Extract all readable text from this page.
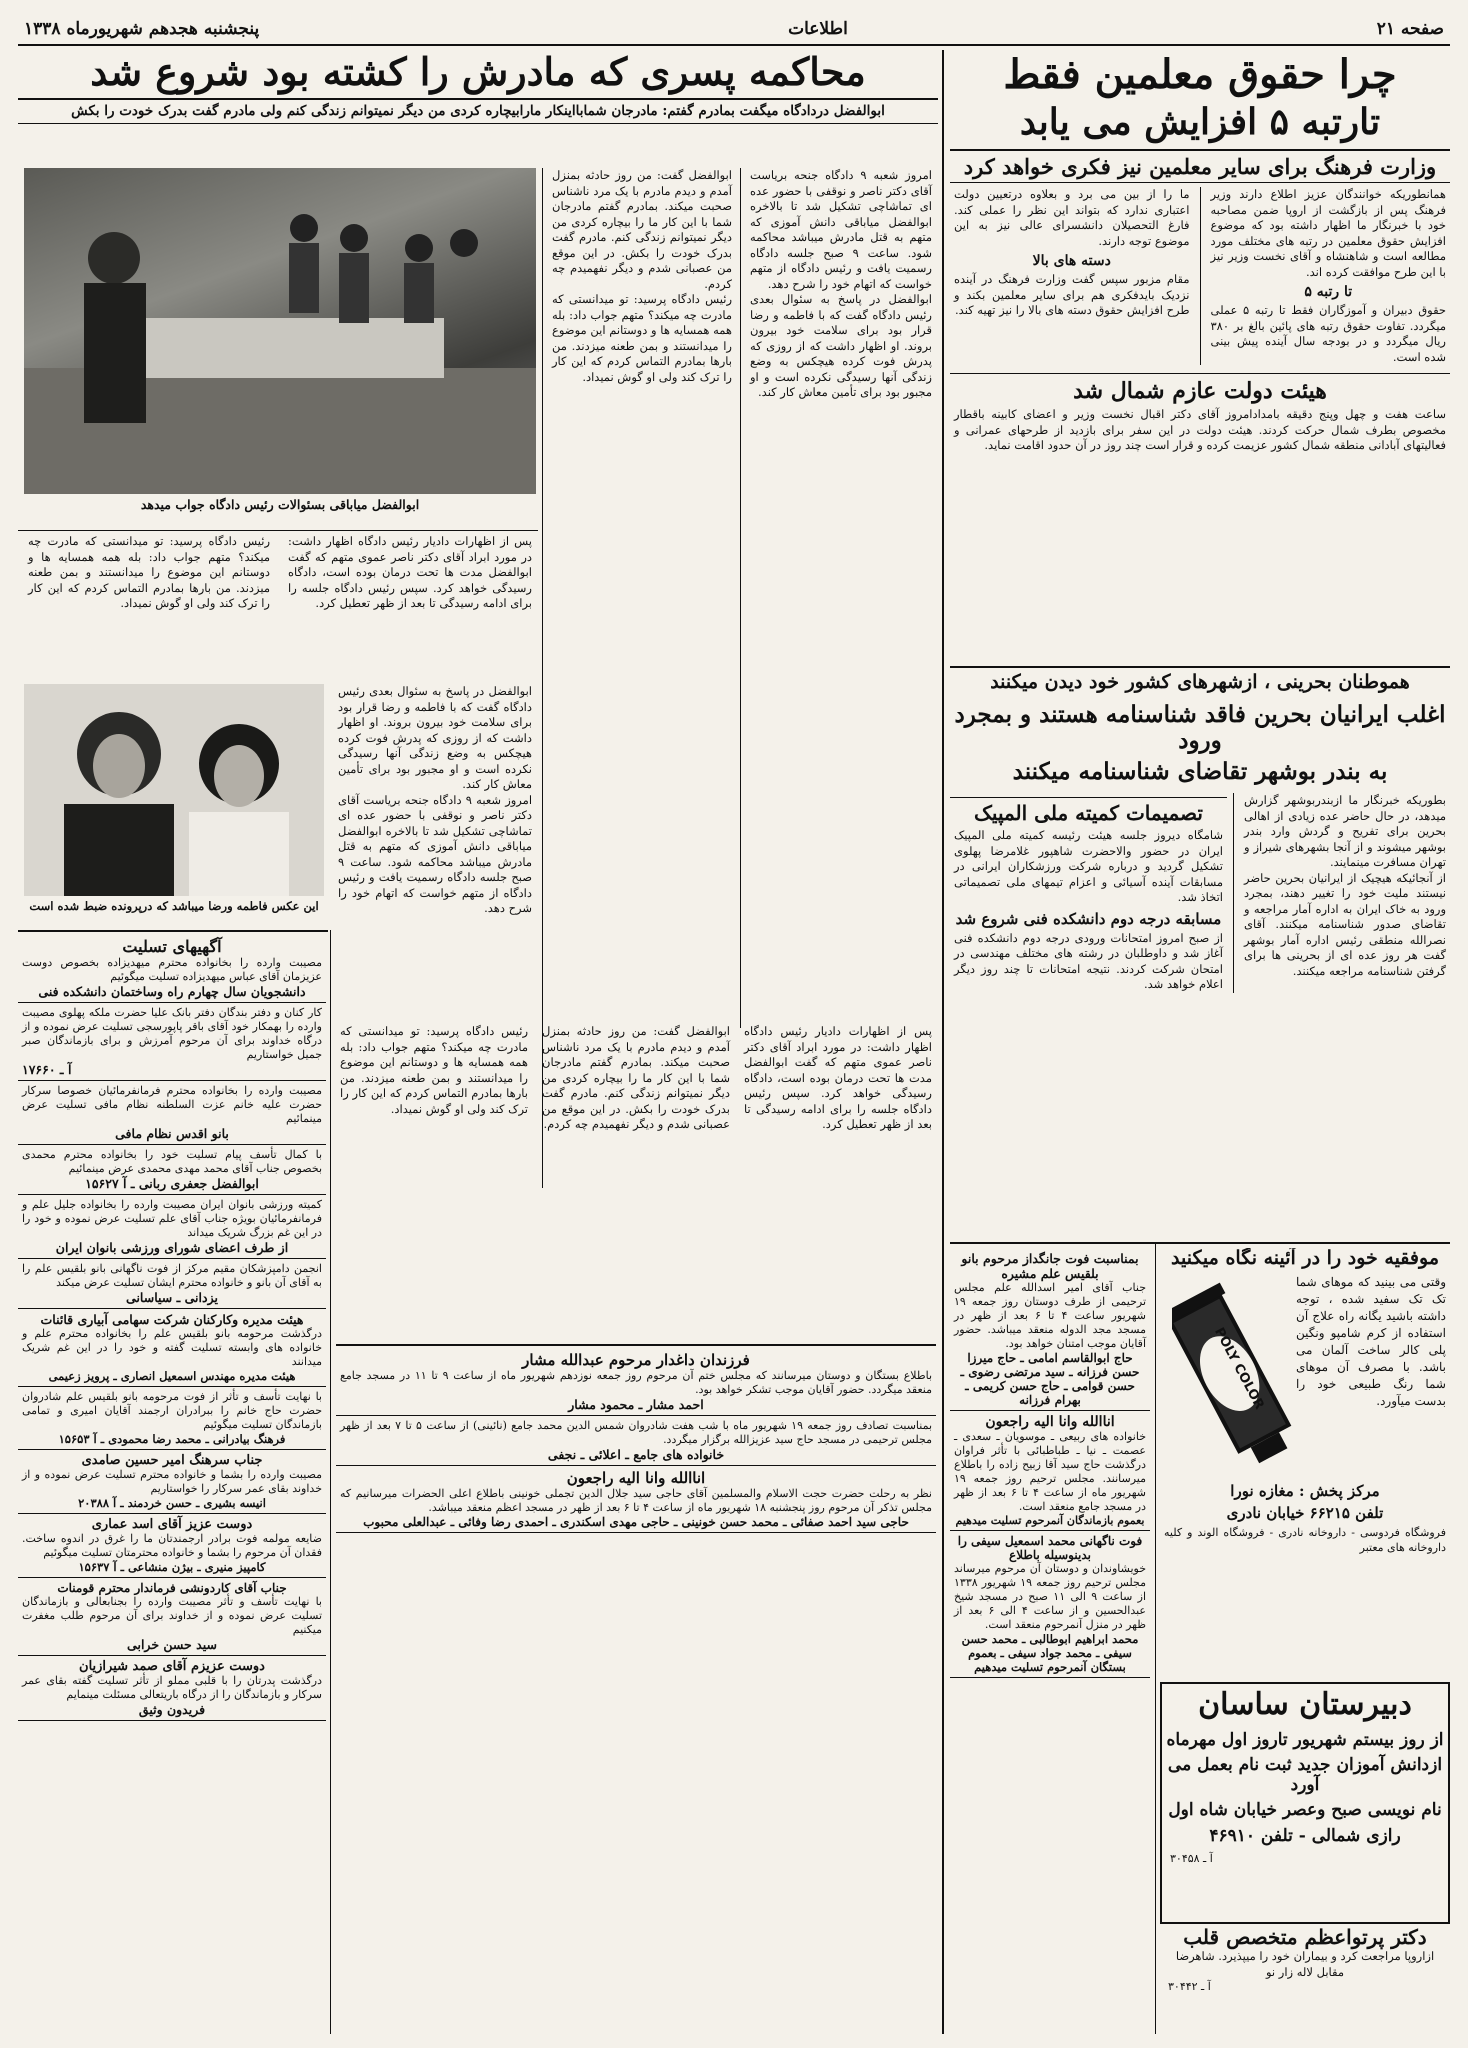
صفحه ۲۱
اطلاعات
پنجشنبه هجدهم شهریورماه ۱۳۳۸
چرا حقوق معلمین فقط
تارتبه ۵ افزایش می یابد
وزارت فرهنگ برای سایر معلمین نیز فکری خواهد کرد

همانطوریکه خوانندگان عزیز اطلاع دارند وزیر فرهنگ پس از بازگشت از اروپا ضمن مصاحبه خود با خبرنگار ما اظهار داشته بود که موضوع افزایش حقوق معلمین در رتبه های مختلف مورد مطالعه است و شاهنشاه و آقای نخست وزیر نیز با این طرح موافقت کرده اند.

تا رتبه ۵

حقوق دبیران و آموزگاران فقط تا رتبه ۵ عملی میگردد. تفاوت حقوق رتبه های پائین بالغ بر ۳۸۰ ریال میگردد و در بودجه سال آینده پیش بینی شده است.

ما را از بین می برد و بعلاوه درتعیین دولت اعتباری ندارد که بتواند این نظر را عملی کند. فارغ التحصیلان دانشسرای عالی نیز به این موضوع توجه دارند.

دسته های بالا

مقام مزبور سپس گفت وزارت فرهنگ در آینده نزدیک بایدفکری هم برای سایر معلمین بکند و طرح افزایش حقوق دسته های بالا را نیز تهیه کند.

هیئت دولت عازم شمال شد

ساعت هفت و چهل وپنج دقیقه بامدادامروز آقای دکتر اقبال نخست وزیر و اعضای کابینه باقطار مخصوص بطرف شمال حرکت کردند. هیئت دولت در این سفر برای بازدید از طرحهای عمرانی و فعالیتهای آبادانی منطقه شمال کشور عزیمت کرده و قرار است چند روز در آن حدود اقامت نماید.

هموطنان بحرینی ، ازشهرهای کشور خود دیدن میکنند
اغلب ایرانیان بحرین فاقد شناسنامه هستند و بمجرد ورود
به بندر بوشهر تقاضای شناسنامه میکنند

بطوریکه خبرنگار ما ازبندربوشهر گزارش میدهد، در حال حاضر عده زیادی از اهالی بحرین برای تفریح و گردش وارد بندر بوشهر میشوند و از آنجا بشهرهای شیراز و تهران مسافرت مینمایند.

از آنجائیکه هیچیک از ایرانیان بحرین حاضر نیستند ملیت خود را تغییر دهند، بمجرد ورود به خاک ایران به اداره آمار مراجعه و تقاضای صدور شناسنامه میکنند. آقای نصرالله منطقی رئیس اداره آمار بوشهر گفت هر روز عده ای از بحرینی ها برای گرفتن شناسنامه مراجعه میکنند.

تصمیمات کمیته ملی المپیک

شامگاه دیروز جلسه هیئت رئیسه کمیته ملی المپیک ایران در حضور والاحضرت شاهپور غلامرضا پهلوی تشکیل گردید و درباره شرکت ورزشکاران ایرانی در مسابقات آینده آسیائی و اعزام تیمهای ملی تصمیماتی اتخاذ شد.

مسابقه درجه دوم دانشکده فنی شروع شد

از صبح امروز امتحانات ورودی درجه دوم دانشکده فنی آغاز شد و داوطلبان در رشته های مختلف مهندسی در امتحان شرکت کردند. نتیجه امتحانات تا چند روز دیگر اعلام خواهد شد.

موفقیه خود را در آئینه نگاه میکنید

وقتی می بینید که موهای شما تک تک سفید شده ، توجه داشته باشید یگانه راه علاج آن استفاده از کرم شامپو ونگین پلی کالر ساخت آلمان می باشد. با مصرف آن موهای شما رنگ طبیعی خود را بدست میآورد.

POLY COLOR
مرکز پخش : مغازه نورا
تلفن ۶۶۲۱۵ خیابان نادری

فروشگاه فردوسی - داروخانه نادری - فروشگاه الوند و کلیه داروخانه های معتبر

دبیرستان ساسان
از روز بیستم شهریور تاروز اول مهرماه
ازدانش آموزان جدید ثبت نام بعمل می آورد
نام نویسی صبح وعصر خیابان شاه اول
رازی شمالی - تلفن ۴۶۹۱۰
آ ـ ۳۰۴۵۸
دکتر پرتواعظم متخصص قلب

ازاروپا مراجعت کرد و بیماران خود را میپذیرد. شاهرضا مقابل لاله زار نو

آ ـ ۳۰۴۴۲
بمناسبت فوت جانگداز مرحوم بانو بلقیس علم مشیره
جناب آقای امیر اسدالله علم مجلس ترحیمی از طرف دوستان روز جمعه ۱۹ شهریور ساعت ۴ تا ۶ بعد از ظهر در مسجد مجد الدوله منعقد میباشد. حضور آقایان موجب امتنان خواهد بود.
حاج ابوالقاسم امامی ـ حاج میرزا حسن فرزانه ـ سید مرتضی رضوی ـ حسن قوامی ـ حاج حسن کریمی ـ بهرام فرزانه
اناالله وانا الیه راجعون
خانواده های ربیعی ـ موسویان ـ سعدی ـ عصمت ـ نیا ـ طباطبائی با تأثر فراوان درگذشت حاج سید آقا زبیح زاده را باطلاع میرسانند. مجلس ترحیم روز جمعه ۱۹ شهریور ماه از ساعت ۴ تا ۶ بعد از ظهر در مسجد جامع منعقد است.
بعموم بازماندگان آنمرحوم تسلیت میدهیم
فوت ناگهانی محمد اسمعیل سیفی را بدینوسیله باطلاع
خویشاوندان و دوستان آن مرحوم میرساند مجلس ترحیم روز جمعه ۱۹ شهریور ۱۳۳۸ از ساعت ۹ الی ۱۱ صبح در مسجد شیخ عبدالحسین و از ساعت ۴ الی ۶ بعد از ظهر در منزل آنمرحوم منعقد است.
محمد ابراهیم ابوطالبی ـ محمد حسن سیفی ـ محمد جواد سیفی ـ بعموم بستگان آنمرحوم تسلیت میدهیم
محاکمه پسری که مادرش را کشته بود شروع شد
ابوالفضل دردادگاه میگفت بمادرم گفتم: مادرجان شمابااینکار مارابیچاره کردی من دیگر نمیتوانم زندگی کنم ولی مادرم گفت بدرک خودت را بکش

امروز شعبه ۹ دادگاه جنحه بریاست آقای دکتر ناصر و نوقفی با حضور عده ای تماشاچی تشکیل شد تا بالاخره ابوالفضل میاباقی دانش آموزی که متهم به قتل مادرش میباشد محاکمه شود. ساعت ۹ صبح جلسه دادگاه رسمیت یافت و رئیس دادگاه از متهم خواست که اتهام خود را شرح دهد.

ابوالفضل در پاسخ به سئوال بعدی رئیس دادگاه گفت که با فاطمه و رضا قرار بود برای سلامت خود بیرون بروند. او اظهار داشت که از روزی که پدرش فوت کرده هیچکس به وضع زندگی آنها رسیدگی نکرده است و او مجبور بود برای تأمین معاش کار کند.

ابوالفضل گفت: من روز حادثه بمنزل آمدم و دیدم مادرم با یک مرد ناشناس صحبت میکند. بمادرم گفتم مادرجان شما با این کار ما را بیچاره کردی من دیگر نمیتوانم زندگی کنم. مادرم گفت بدرک خودت را بکش. در این موقع من عصبانی شدم و دیگر نفهمیدم چه کردم.

رئیس دادگاه پرسید: تو میدانستی که مادرت چه میکند؟ متهم جواب داد: بله همه همسایه ها و دوستانم این موضوع را میدانستند و بمن طعنه میزدند. من بارها بمادرم التماس کردم که این کار را ترک کند ولی او گوش نمیداد.

ابوالفضل میاباقی بسئوالات رئیس دادگاه جواب میدهد

رئیس دادگاه پرسید: تو میدانستی که مادرت چه میکند؟ متهم جواب داد: بله همه همسایه ها و دوستانم این موضوع را میدانستند و بمن طعنه میزدند. من بارها بمادرم التماس کردم که این کار را ترک کند ولی او گوش نمیداد.

پس از اظهارات دادیار رئیس دادگاه اظهار داشت: در مورد ابراد آقای دکتر ناصر عموی متهم که گفت ابوالفضل مدت ها تحت درمان بوده است، دادگاه رسیدگی خواهد کرد. سپس رئیس دادگاه جلسه را برای ادامه رسیدگی تا بعد از ظهر تعطیل کرد.

این عکس فاطمه ورضا میباشد که درپرونده ضبط شده است

ابوالفضل در پاسخ به سئوال بعدی رئیس دادگاه گفت که با فاطمه و رضا قرار بود برای سلامت خود بیرون بروند. او اظهار داشت که از روزی که پدرش فوت کرده هیچکس به وضع زندگی آنها رسیدگی نکرده است و او مجبور بود برای تأمین معاش کار کند.

امروز شعبه ۹ دادگاه جنحه بریاست آقای دکتر ناصر و نوقفی با حضور عده ای تماشاچی تشکیل شد تا بالاخره ابوالفضل میاباقی دانش آموزی که متهم به قتل مادرش میباشد محاکمه شود. ساعت ۹ صبح جلسه دادگاه رسمیت یافت و رئیس دادگاه از متهم خواست که اتهام خود را شرح دهد.

آگهیهای تسلیت
مصیبت وارده را بخانواده محترم میهدیزاده بخصوص دوست عزیزمان آقای عباس میهدیزاده تسلیت میگوئیم
دانشجویان سال چهارم راه وساختمان دانشکده فنی
کار کنان و دفتر بندگان دفتر بانک علیا حضرت ملکه پهلوی مصیبت وارده را بهمکار خود آقای باقر پاپورسجی تسلیت عرض نموده و از درگاه خداوند برای آن مرحوم آمرزش و برای بازماندگان صبر جمیل خواستاریم
آ ـ ۱۷۶۶۰
مصیبت وارده را بخانواده محترم فرمانفرمائیان خصوصا سرکار حضرت علیه خانم عزت السلطنه نظام مافی تسلیت عرض مینمائیم
بانو اقدس نظام مافی
با کمال تأسف پیام تسلیت خود را بخانواده محترم محمدی بخصوص جناب آقای محمد مهدی محمدی عرض مینمائیم
ابوالفضل جعفری ربانی ـ آ ۱۵۶۲۷
کمیته ورزشی بانوان ایران مصیبت وارده را بخانواده جلیل علم و فرمانفرمائیان بویژه جناب آقای علم تسلیت عرض نموده و خود را در این غم بزرگ شریک میداند
از طرف اعضای شورای ورزشی بانوان ایران
انجمن دامپزشکان مقیم مرکز از فوت ناگهانی بانو بلقیس علم را به آقای آن بانو و خانواده محترم ایشان تسلیت عرض میکند
یزدانی ـ سیاسانی
هیئت مدیره وکارکنان شرکت سهامی آبیاری قائنات
درگذشت مرحومه بانو بلقیس علم را بخانواده محترم علم و خانواده های وابسته تسلیت گفته و خود را در این غم شریک میدانند
هیئت مدیره مهندس اسمعیل انصاری ـ پرویز زعیمی
با نهایت تأسف و تأثر از فوت مرحومه بانو بلقیس علم شادروان حضرت حاج خانم را ببرادران ارجمند آقایان امیری و تمامی بازماندگان تسلیت میگوئیم
فرهنگ بیادرانی ـ محمد رضا محمودی ـ آ ۱۵۶۵۳
جناب سرهنگ امیر حسین صامدی
مصیبت وارده را بشما و خانواده محترم تسلیت عرض نموده و از خداوند بقای عمر سرکار را خواستاریم
انیسه بشیری ـ حسن خردمند ـ آ ۲۰۳۸۸
دوست عزیز آقای اسد عماری
ضایعه مولمه فوت برادر ارجمندتان ما را غرق در اندوه ساخت. فقدان آن مرحوم را بشما و خانواده محترمتان تسلیت میگوئیم
کامپیز منیری ـ بیژن منشاعی ـ آ ۱۵۶۳۷
جناب آقای کاردونشی فرماندار محترم قومنات
با نهایت تأسف و تأثر مصیبت وارده را بجنابعالی و بازماندگان تسلیت عرض نموده و از خداوند برای آن مرحوم طلب مغفرت میکنیم
سید حسن خرابی
دوست عزیزم آقای صمد شیرازیان
درگذشت پدرتان را با قلبی مملو از تأثر تسلیت گفته بقای عمر سرکار و بازماندگان را از درگاه باریتعالی مسئلت مینمایم
فریدون وثیق

پس از اظهارات دادیار رئیس دادگاه اظهار داشت: در مورد ابراد آقای دکتر ناصر عموی متهم که گفت ابوالفضل مدت ها تحت درمان بوده است، دادگاه رسیدگی خواهد کرد. سپس رئیس دادگاه جلسه را برای ادامه رسیدگی تا بعد از ظهر تعطیل کرد.

ابوالفضل گفت: من روز حادثه بمنزل آمدم و دیدم مادرم با یک مرد ناشناس صحبت میکند. بمادرم گفتم مادرجان شما با این کار ما را بیچاره کردی من دیگر نمیتوانم زندگی کنم. مادرم گفت بدرک خودت را بکش. در این موقع من عصبانی شدم و دیگر نفهمیدم چه کردم.

رئیس دادگاه پرسید: تو میدانستی که مادرت چه میکند؟ متهم جواب داد: بله همه همسایه ها و دوستانم این موضوع را میدانستند و بمن طعنه میزدند. من بارها بمادرم التماس کردم که این کار را ترک کند ولی او گوش نمیداد.

فرزندان داغدار مرحوم عبدالله مشار
باطلاع بستگان و دوستان میرسانند که مجلس ختم آن مرحوم روز جمعه نوزدهم شهریور ماه از ساعت ۹ تا ۱۱ در مسجد جامع منعقد میگردد. حضور آقایان موجب تشکر خواهد بود.
احمد مشار ـ محمود مشار
بمناسبت تصادف روز جمعه ۱۹ شهریور ماه با شب هفت شادروان شمس الدین محمد جامع (نائینی) از ساعت ۵ تا ۷ بعد از ظهر مجلس ترحیمی در مسجد حاج سید عزیزالله برگزار میگردد.
خانواده های جامع ـ اعلائی ـ نجفی
اناالله وانا الیه راجعون
نظر به رحلت حضرت حجت الاسلام والمسلمین آقای حاجی سید جلال الدین تجملی خونینی باطلاع اعلی الحضرات میرسانیم که مجلس تذکر آن مرحوم روز پنجشنبه ۱۸ شهریور ماه از ساعت ۴ تا ۶ بعد از ظهر در مسجد اعظم منعقد میباشد.
حاجی سید احمد صفائی ـ محمد حسن خونینی ـ حاجی مهدی اسکندری ـ احمدی رضا وفائی ـ عبدالعلی محبوب
